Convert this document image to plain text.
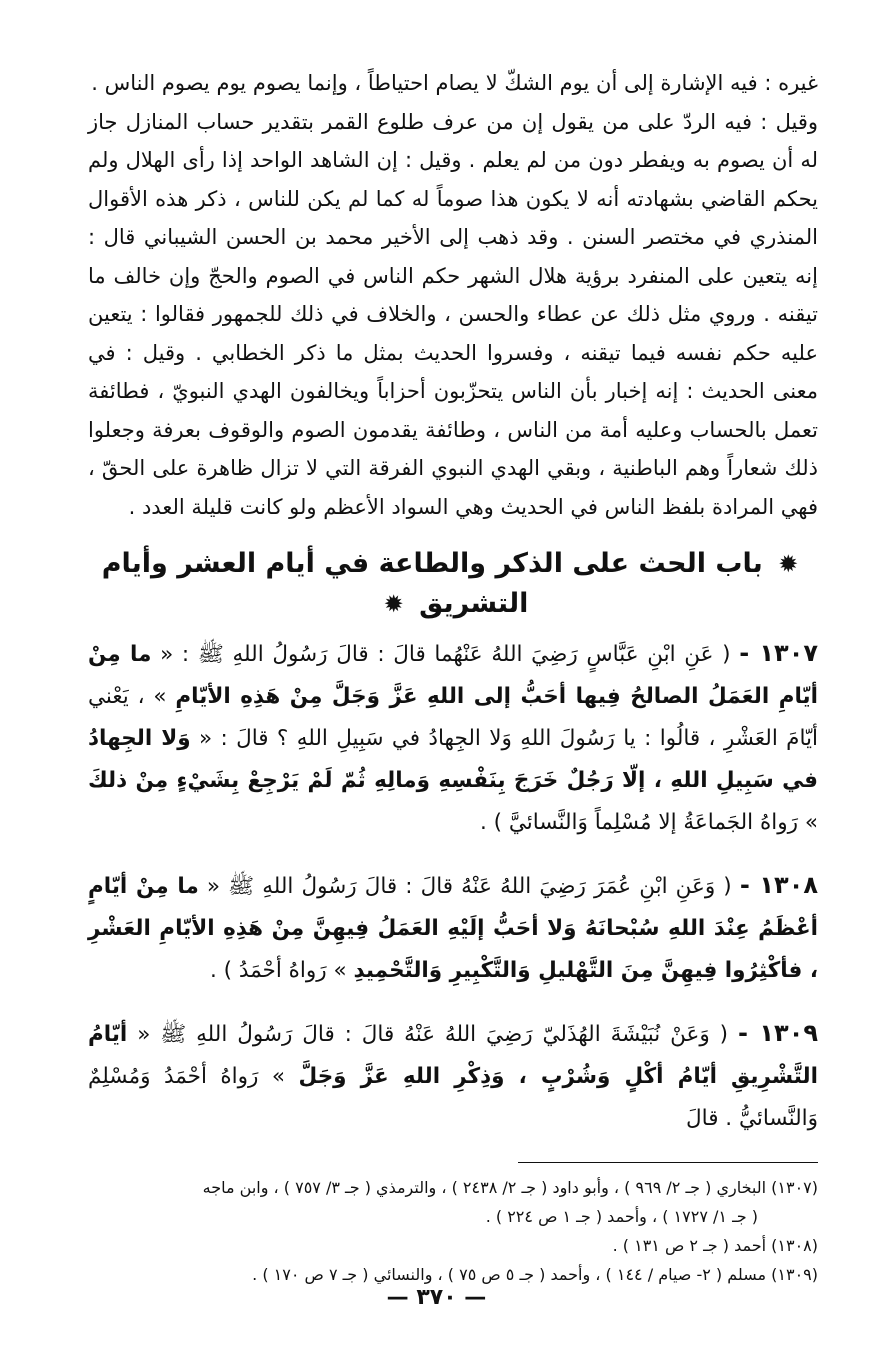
غيره : فيه الإشارة إلى أن يوم الشكّ لا يصام احتياطاً ، وإنما يصوم يوم يصوم الناس .

وقيل : فيه الردّ على من يقول إن من عرف طلوع القمر بتقدير حساب المنازل جاز له أن يصوم به ويفطر دون من لم يعلم . وقيل : إن الشاهد الواحد إذا رأى الهلال ولم يحكم القاضي بشهادته أنه لا يكون هذا صوماً له كما لم يكن للناس ، ذكر هذه الأقوال المنذري في مختصر السنن . وقد ذهب إلى الأخير محمد بن الحسن الشيباني قال : إنه يتعين على المنفرد برؤية هلال الشهر حكم الناس في الصوم والحجّ وإن خالف ما تيقنه . وروي مثل ذلك عن عطاء والحسن ، والخلاف في ذلك للجمهور فقالوا : يتعين عليه حكم نفسه فيما تيقنه ، وفسروا الحديث بمثل ما ذكر الخطابي . وقيل : في معنى الحديث : إنه إخبار بأن الناس يتحزّبون أحزاباً ويخالفون الهدي النبويّ ، فطائفة تعمل بالحساب وعليه أمة من الناس ، وطائفة يقدمون الصوم والوقوف بعرفة وجعلوا ذلك شعاراً وهم الباطنية ، وبقي الهدي النبوي الفرقة التي لا تزال ظاهرة على الحقّ ، فهي المرادة بلفظ الناس في الحديث وهي السواد الأعظم ولو كانت قليلة العدد .

✹ باب الحث على الذكر والطاعة في أيام العشر وأيام التشريق ✹

١٣٠٧ - ( عَنِ ابْنِ عَبَّاسٍ رَضِيَ اللهُ عَنْهُما قالَ : قالَ رَسُولُ اللهِ ﷺ : « ما مِنْ أيّامِ العَمَلُ الصالحُ فِيها أحَبُّ إلى اللهِ عَزَّ وَجَلَّ مِنْ هَذِهِ الأيّامِ » ، يَعْني أيّامَ العَشْرِ ، قالُوا : يا رَسُولَ اللهِ وَلا الجِهادُ في سَبِيلِ اللهِ ؟ قالَ : « وَلا الجِهادُ في سَبِيلِ اللهِ ، إلّا رَجُلٌ خَرَجَ بِنَفْسِهِ وَمالِهِ ثُمّ لَمْ يَرْجِعْ بِشَيْءٍ مِنْ ذلكَ » رَواهُ الجَماعَةُ إلا مُسْلِماً وَالنَّسائيَّ ) .

١٣٠٨ - ( وَعَنِ ابْنِ عُمَرَ رَضِيَ اللهُ عَنْهُ قالَ : قالَ رَسُولُ اللهِ ﷺ « ما مِنْ أيّامٍ أعْظَمُ عِنْدَ اللهِ سُبْحانَهُ وَلا أحَبُّ إلَيْهِ العَمَلُ فِيهِنَّ مِنْ هَذِهِ الأيّامِ العَشْرِ ، فأكْثِرُوا فِيهِنَّ مِنَ التَّهْليلِ وَالتَّكْبِيرِ وَالتَّحْمِيدِ » رَواهُ أحْمَدُ ) .

١٣٠٩ - ( وَعَنْ نُبَيْشَةَ الهُذَليّ رَضِيَ اللهُ عَنْهُ قالَ : قالَ رَسُولُ اللهِ ﷺ « أيّامُ التَّشْرِيقِ أيّامُ أكْلٍ وَشُرْبٍ ، وَذِكْرِ اللهِ عَزَّ وَجَلَّ » رَواهُ أحْمَدُ وَمُسْلِمٌ وَالنَّسائيُّ . قالَ

(١٣٠٧) البخاري ( جـ ٢/ ٩٦٩ ) ، وأبو داود ( جـ ٢/ ٢٤٣٨ ) ، والترمذي ( جـ ٣/ ٧٥٧ ) ، وابن ماجه

( جـ ١/ ١٧٢٧ ) ، وأحمد ( جـ ١ ص ٢٢٤ ) .

(١٣٠٨) أحمد ( جـ ٢ ص ١٣١ ) .

(١٣٠٩) مسلم ( ٢- صيام / ١٤٤ ) ، وأحمد ( جـ ٥ ص ٧٥ ) ، والنسائي ( جـ ٧ ص ١٧٠ ) .

— ٣٧٠ —
